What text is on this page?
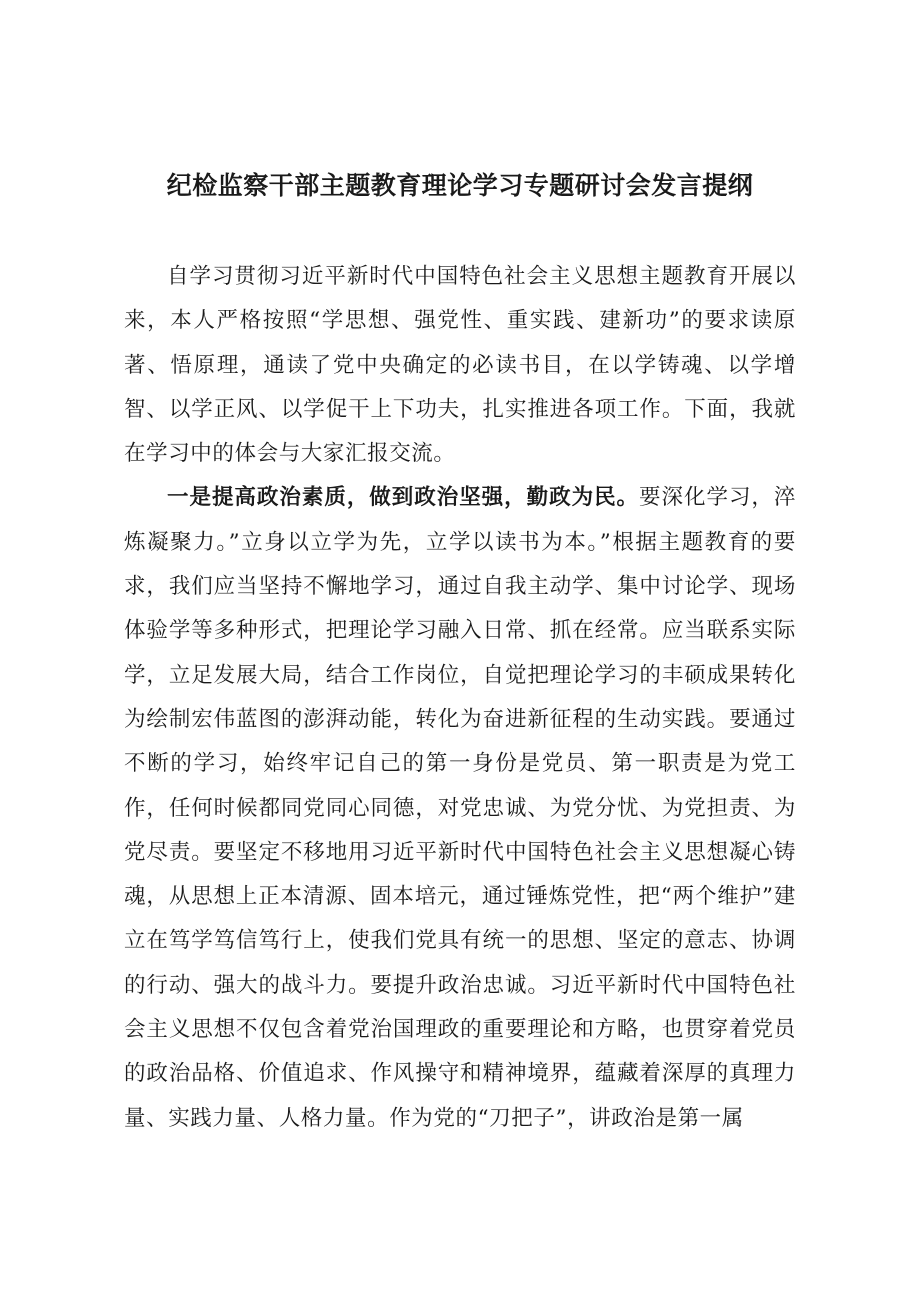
纪检监察干部主题教育理论学习专题研讨会发言提纲

自学习贯彻习近平新时代中国特色社会主义思想主题教育开展以来，本人严格按照“学思想、强党性、重实践、建新功”的要求读原著、悟原理，通读了党中央确定的必读书目，在以学铸魂、以学增智、以学正风、以学促干上下功夫，扎实推进各项工作。下面，我就在学习中的体会与大家汇报交流。

一是提高政治素质，做到政治坚强，勤政为民。要深化学习，淬炼凝聚力。”立身以立学为先，立学以读书为本。”根据主题教育的要求，我们应当坚持不懈地学习，通过自我主动学、集中讨论学、现场体验学等多种形式，把理论学习融入日常、抓在经常。应当联系实际学，立足发展大局，结合工作岗位，自觉把理论学习的丰硕成果转化为绘制宏伟蓝图的澎湃动能，转化为奋进新征程的生动实践。要通过不断的学习，始终牢记自己的第一身份是党员、第一职责是为党工作，任何时候都同党同心同德，对党忠诚、为党分忧、为党担责、为党尽责。要坚定不移地用习近平新时代中国特色社会主义思想凝心铸魂，从思想上正本清源、固本培元，通过锤炼党性，把“两个维护”建立在笃学笃信笃行上，使我们党具有统一的思想、坚定的意志、协调的行动、强大的战斗力。要提升政治忠诚。习近平新时代中国特色社会主义思想不仅包含着党治国理政的重要理论和方略，也贯穿着党员的政治品格、价值追求、作风操守和精神境界，蕴藏着深厚的真理力量、实践力量、人格力量。作为党的“刀把子”，讲政治是第一属
